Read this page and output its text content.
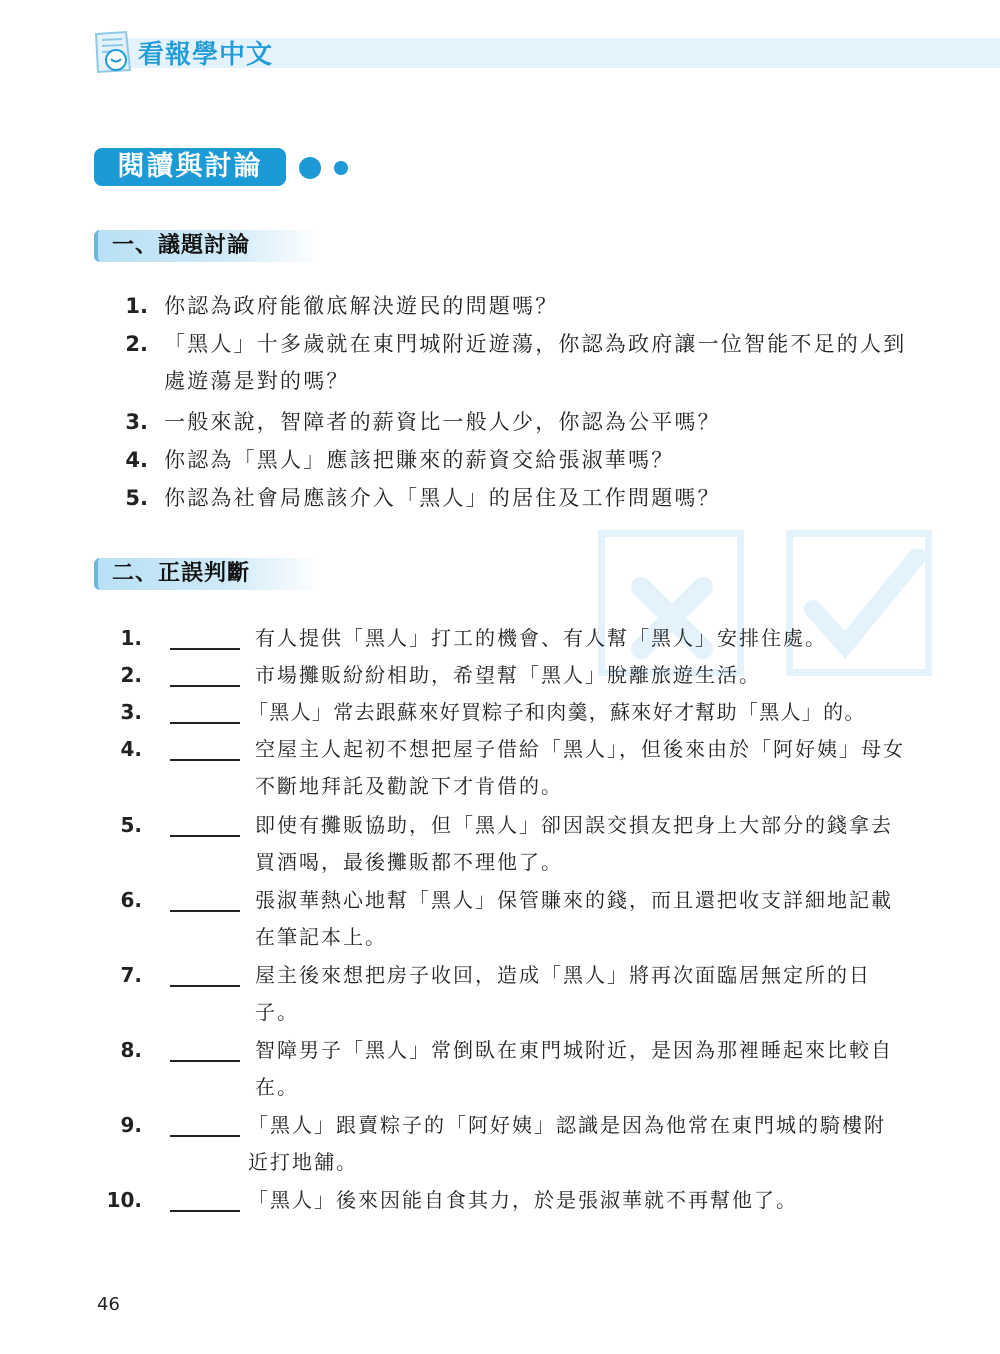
看報學中文
閱讀與討論
一、議題討論
1. 你認為政府能徹底解決遊民的問題嗎？
2. 「黑人」十多歲就在東門城附近遊蕩，你認為政府讓一位智能不足的人到處遊蕩是對的嗎？
3. 一般來說，智障者的薪資比一般人少，你認為公平嗎？
4. 你認為「黑人」應該把賺來的薪資交給張淑華嗎？
5. 你認為社會局應該介入「黑人」的居住及工作問題嗎？
二、正誤判斷
1.	有人提供「黑人」打工的機會、有人幫「黑人」安排住處。
2.	市場攤販紛紛相助，希望幫「黑人」脫離旅遊生活。
3.	「黑人」常去跟蘇來好買粽子和肉羹，蘇來好才幫助「黑人」的。
4.	空屋主人起初不想把屋子借給「黑人」，但後來由於「阿好姨」母女不斷地拜託及勸說下才肯借的。
5.	即使有攤販協助，但「黑人」卻因誤交損友把身上大部分的錢拿去買酒喝，最後攤販都不理他了。
6.	張淑華熱心地幫「黑人」保管賺來的錢，而且還把收支詳細地記載在筆記本上。
7.	屋主後來想把房子收回，造成「黑人」將再次面臨居無定所的日子。
8.	智障男子「黑人」常倒臥在東門城附近，是因為那裡睡起來比較自在。
9.	「黑人」跟賣粽子的「阿好姨」認識是因為他常在東門城的騎樓附近打地舖。
10.	「黑人」後來因能自食其力，於是張淑華就不再幫他了。
46
